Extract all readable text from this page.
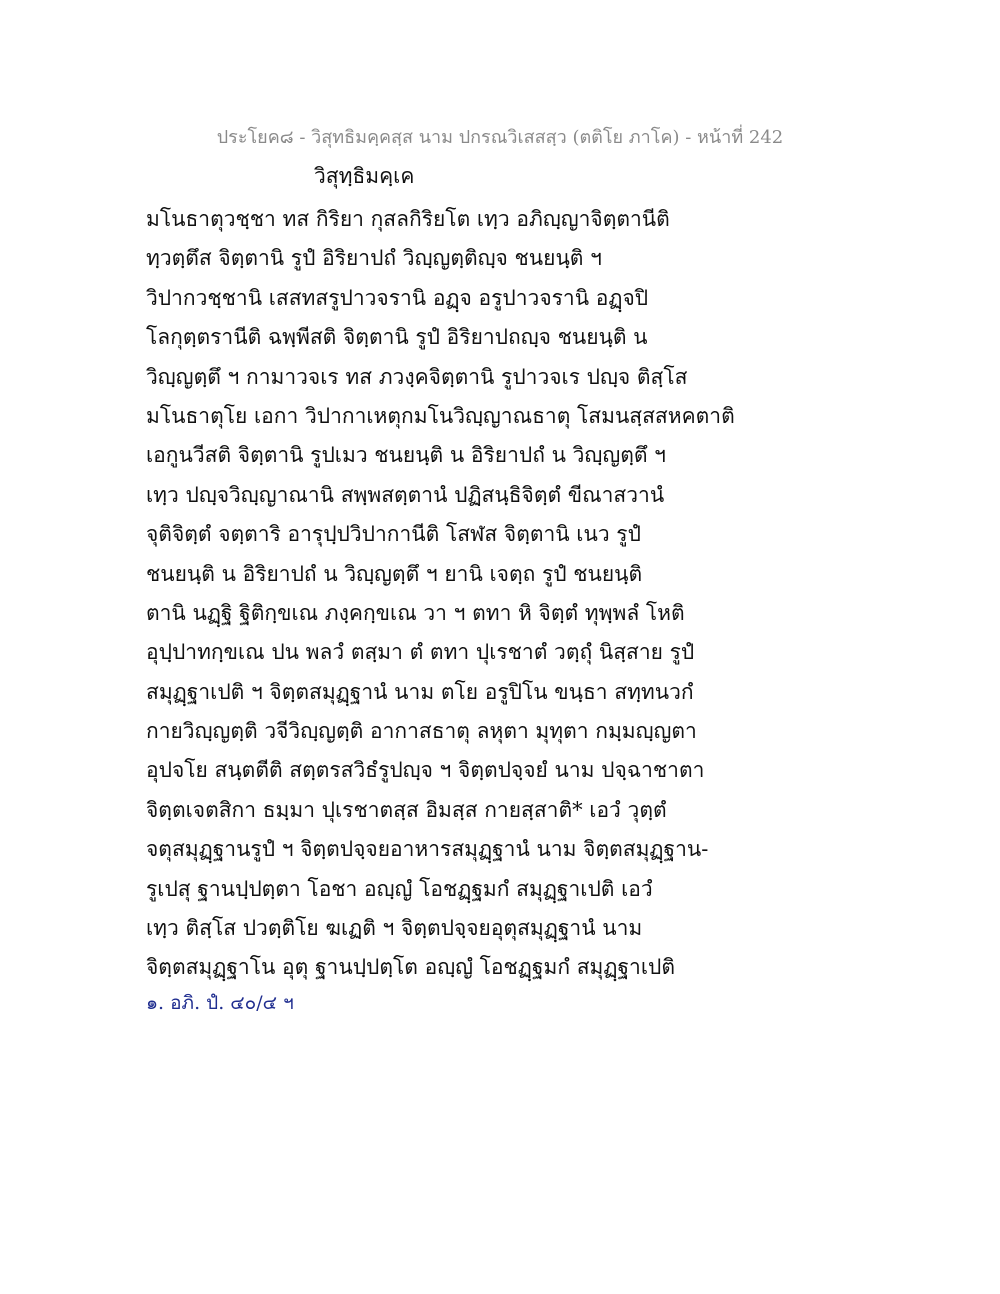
ประโยค๘ - วิสุทธิมคฺคสฺส นาม ปกรณวิเสสสฺว (ตติโย ภาโค) - หน้าที่ 242
วิสุทฺธิมคฺเค
มโนธาตุวชฺชา ทส กิริยา กุสลกิริยโต เทฺว อภิญฺญาจิตฺตานีติ
ทฺวตฺตึส จิตฺตานิ รูปํ อิริยาปถํ วิญฺญตฺติญฺจ ชนยนฺติ ฯ
วิปากวชฺชานิ เสสทสรูปาวจรานิ อฏฺจ อรูปาวจรานิ อฏฺจปิ
โลกุตฺตรานีติ ฉพฺพีสติ จิตฺตานิ รูปํ อิริยาปถญฺจ ชนยนฺติ น
วิญฺญตฺตึ ฯ กามาวจเร ทส ภวงฺคจิตฺตานิ รูปาวจเร ปญฺจ ติสฺโส
มโนธาตุโย เอกา วิปากาเหตุกมโนวิญฺญาณธาตุ โสมนสฺสสหคตาติ
เอกูนวีสติ จิตฺตานิ รูปเมว ชนยนฺติ น อิริยาปถํ น วิญฺญตฺตึ ฯ
เทฺว ปญฺจวิญฺญาณานิ สพฺพสตฺตานํ ปฏิสนฺธิจิตฺตํ ขีณาสวานํ
จุติจิตฺตํ จตฺตาริ อารุปฺปวิปากานีติ โสฬส จิตฺตานิ เนว รูปํ
ชนยนฺติ น อิริยาปถํ น วิญฺญตฺตึ ฯ ยานิ เจตฺถ รูปํ ชนยนฺติ
ตานิ นฏฺฐิ ฐิติกฺขเณ ภงฺคกฺขเณ วา ฯ ตทา หิ จิตฺตํ ทุพฺพลํ โหติ
อุปฺปาทกฺขเณ ปน พลวํ ตสฺมา ตํ ตทา ปุเรชาตํ วตฺถุํ นิสฺสาย รูปํ
สมุฏฺฐาเปติ ฯ จิตฺตสมุฏฺฐานํ นาม ตโย อรูปิโน ขนฺธา สทฺทนวกํ
กายวิญฺญตฺติ วจีวิญฺญตฺติ อากาสธาตุ ลหุตา มุทุตา กมฺมญฺญตา
อุปจโย สนฺตตีติ สตฺตรสวิธํรูปญฺจ ฯ จิตฺตปจฺจยํ นาม ปจฺฉาชาตา
จิตฺตเจตสิกา ธมฺมา ปุเรชาตสฺส อิมสฺส กายสฺสาติ* เอวํ วุตฺตํ
จตุสมุฏฺฐานรูปํ ฯ จิตฺตปจฺจยอาหารสมุฏฺฐานํ นาม จิตฺตสมุฏฺฐาน-
รูเปสุ ฐานปฺปตฺตา โอชา อญฺญํ โอชฏฺฐมกํ สมุฏฺฐาเปติ เอวํ
เทฺว ติสฺโส ปวตฺติโย ฆเฏติ ฯ จิตฺตปจฺจยอุตุสมุฏฺฐานํ นาม
จิตฺตสมุฏฺฐาโน อุตุ ฐานปฺปตฺโต อญฺญํ โอชฏฺฐมกํ สมุฏฺฐาเปติ
๑. อภิ. ปํ. ๔๐/๔ ฯ
